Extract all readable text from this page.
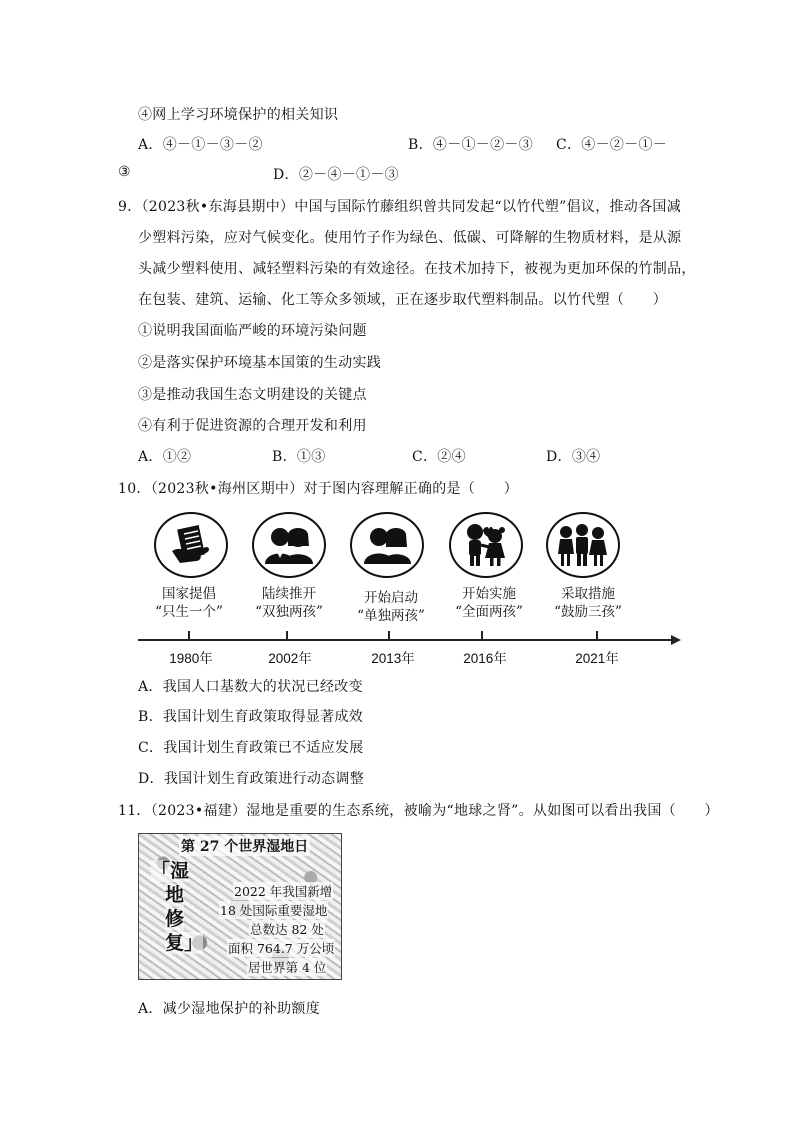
④网上学习环境保护的相关知识
A．④－①－③－②	B．④－①－②－③ C．④－②－①－
③	D．②－④－①－③
9．（2023秋•东海县期中）中国与国际竹藤组织曾共同发起“以竹代塑”倡议，推动各国减
少塑料污染，应对气候变化。使用竹子作为绿色、低碳、可降解的生物质材料，是从源
头减少塑料使用、减轻塑料污染的有效途径。在技术加持下，被视为更加环保的竹制品，
在包装、建筑、运输、化工等众多领域，正在逐步取代塑料制品。以竹代塑（　　）
①说明我国面临严峻的环境污染问题
②是落实保护环境基本国策的生动实践
③是推动我国生态文明建设的关键点
④有利于促进资源的合理开发和利用
A．①②	B．①③	C．②④	D．③④
10．（2023秋•海州区期中）对于图内容理解正确的是（　　）
国家提倡
“只生一个”
陆续推开
“双独两孩”
开始启动
“单独两孩”
开始实施
“全面两孩”
采取措施
“鼓励三孩”
1980年	2002年	2013年	2016年	2021年
A．我国人口基数大的状况已经改变
B．我国计划生育政策取得显著成效
C．我国计划生育政策已不适应发展
D．我国计划生育政策进行动态调整
11．（2023•福建）湿地是重要的生态系统，被喻为“地球之肾”。从如图可以看出我国（　　）
第 27 个世界湿地日
「湿
地
修
复」
2022 年我国新增
18 处国际重要湿地
总数达 82 处
面积 764.7 万公顷
居世界第 4 位
A．减少湿地保护的补助额度
